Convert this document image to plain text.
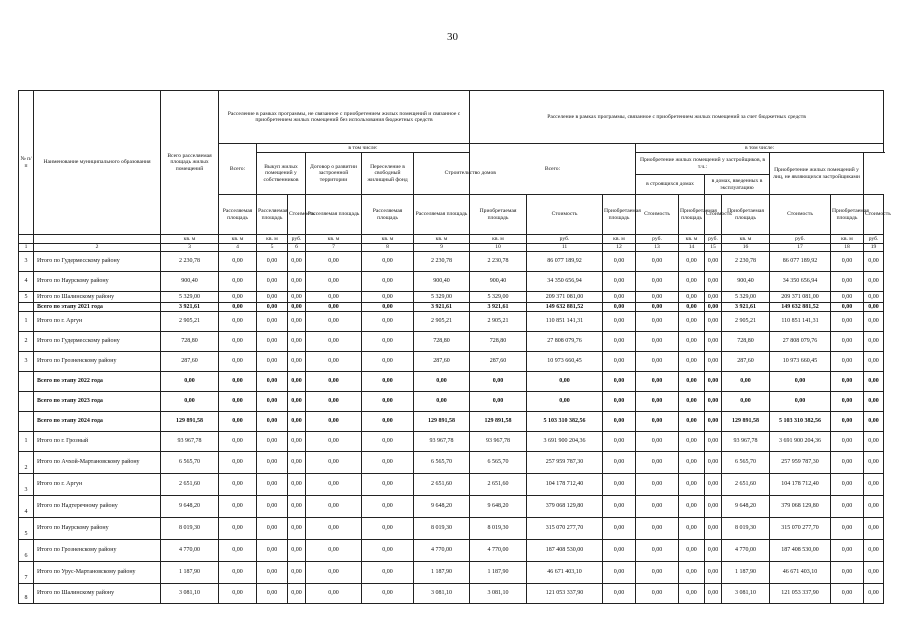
30
№ п/п	Наименование муниципального образования	Всего расселяемая площадь жилых помещений	Расселение в рамках программы, не связанное с приобретением жилых помещений и связанное с приобретением жилых помещений без использования бюджетных средств						Расселение в рамках программы, связанное с приобретением жилых помещений за счет бюджетных средств									
			Всего:	в том числе:					Всего:			в том числе:						
				Выкуп жилых помещений у собственников		Договор о развитии застроенной территории	Переселение в свободный жилищный фонд	Строительство домов				Приобретение жилых помещений у застройщиков, в т.ч.:				Приобретение жилых помещений у лиц, не являющихся застройщиками		
												в строящихся домах		в домах, введенных в эксплуатацию				
			Расселяемая площадь	Расселяемая площадь	Стоимость	Расселяемая площадь	Расселяемая площадь	Расселяемая площадь	Приобретаемая площадь	Стоимость	Приобретаемая площадь	Стоимость	Приобретаемая площадь	Стоимость	Приобретаемая площадь	Стоимость	Приобретаемая площадь	Стоимость
		кв. м	кв. м	кв. м	руб.	кв. м	кв. м	кв. м	кв. м	руб.	кв. м	руб.	кв. м	руб.	кв. м	руб.	кв. м	руб.
1	2	3	4	5	6	7	8	9	10	11	12	13	14	15	16	17	18	19
3	Итого по Гудермесскому району	2 230,78	0,00	0,00	0,00	0,00	0,00	2 230,78	2 230,78	86 077 189,92	0,00	0,00	0,00	0,00	2 230,78	86 077 189,92	0,00	0,00
4	Итого по Наурскому району	900,40	0,00	0,00	0,00	0,00	0,00	900,40	900,40	34 350 656,94	0,00	0,00	0,00	0,00	900,40	34 350 656,94	0,00	0,00
5	Итого по Шалинскому району	5 329,00	0,00	0,00	0,00	0,00	0,00	5 329,00	5 329,00	209 371 081,00	0,00	0,00	0,00	0,00	5 329,00	209 371 081,00	0,00	0,00
	Всего по этапу 2021 года	3 921,61	0,00	0,00	0,00	0,00	0,00	3 921,61	3 921,61	149 632 881,52	0,00	0,00	0,00	0,00	3 921,61	149 632 881,52	0,00	0,00
1	Итого по г. Аргун	2 905,21	0,00	0,00	0,00	0,00	0,00	2 905,21	2 905,21	110 851 141,31	0,00	0,00	0,00	0,00	2 905,21	110 851 141,31	0,00	0,00
2	Итого по Гудермесскому району	728,80	0,00	0,00	0,00	0,00	0,00	728,80	728,80	27 808 079,76	0,00	0,00	0,00	0,00	728,80	27 808 079,76	0,00	0,00
3	Итого по Грозненскому району	287,60	0,00	0,00	0,00	0,00	0,00	287,60	287,60	10 973 660,45	0,00	0,00	0,00	0,00	287,60	10 973 660,45	0,00	0,00
	Всего по этапу 2022 года	0,00	0,00	0,00	0,00	0,00	0,00	0,00	0,00	0,00	0,00	0,00	0,00	0,00	0,00	0,00	0,00	0,00
	Всего по этапу 2023 года	0,00	0,00	0,00	0,00	0,00	0,00	0,00	0,00	0,00	0,00	0,00	0,00	0,00	0,00	0,00	0,00	0,00
	Всего по этапу 2024 года	129 891,58	0,00	0,00	0,00	0,00	0,00	129 891,58	129 891,58	5 103 310 382,56	0,00	0,00	0,00	0,00	129 891,58	5 103 310 382,56	0,00	0,00
1	Итого по г. Грозный	93 967,78	0,00	0,00	0,00	0,00	0,00	93 967,78	93 967,78	3 691 900 204,36	0,00	0,00	0,00	0,00	93 967,78	3 691 900 204,36	0,00	0,00
2	Итого по Ачхой-Мартановскому району	6 565,70	0,00	0,00	0,00	0,00	0,00	6 565,70	6 565,70	257 959 787,30	0,00	0,00	0,00	0,00	6 565,70	257 959 787,30	0,00	0,00
3	Итого по г. Аргун	2 651,60	0,00	0,00	0,00	0,00	0,00	2 651,60	2 651,60	104 178 712,40	0,00	0,00	0,00	0,00	2 651,60	104 178 712,40	0,00	0,00
4	Итого по Надтеречному району	9 648,20	0,00	0,00	0,00	0,00	0,00	9 648,20	9 648,20	379 068 129,80	0,00	0,00	0,00	0,00	9 648,20	379 068 129,80	0,00	0,00
5	Итого по Наурскому району	8 019,30	0,00	0,00	0,00	0,00	0,00	8 019,30	8 019,30	315 070 277,70	0,00	0,00	0,00	0,00	8 019,30	315 070 277,70	0,00	0,00
6	Итого по Грозненскому району	4 770,00	0,00	0,00	0,00	0,00	0,00	4 770,00	4 770,00	187 408 530,00	0,00	0,00	0,00	0,00	4 770,00	187 408 530,00	0,00	0,00
7	Итого по Урус-Мартановскому району	1 187,90	0,00	0,00	0,00	0,00	0,00	1 187,90	1 187,90	46 671 403,10	0,00	0,00	0,00	0,00	1 187,90	46 671 403,10	0,00	0,00
8	Итого по Шалинскому району	3 081,10	0,00	0,00	0,00	0,00	0,00	3 081,10	3 081,10	121 053 337,90	0,00	0,00	0,00	0,00	3 081,10	121 053 337,90	0,00	0,00
